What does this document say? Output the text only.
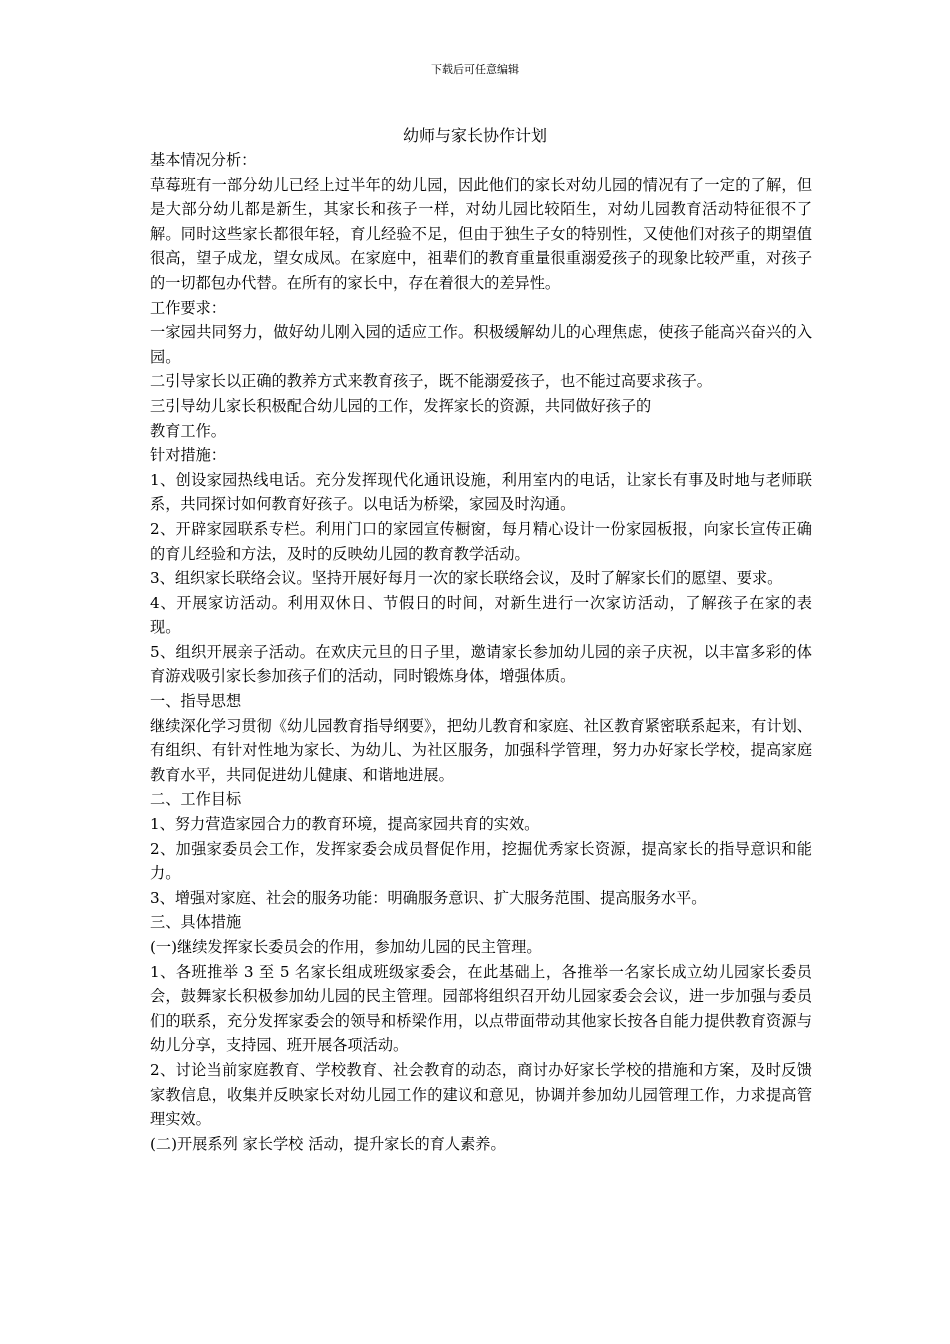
下载后可任意编辑
幼师与家长协作计划

基本情况分析：

草莓班有一部分幼儿已经上过半年的幼儿园，因此他们的家长对幼儿园的情况有了一定的了解，但是大部分幼儿都是新生，其家长和孩子一样，对幼儿园比较陌生，对幼儿园教育活动特征很不了解。同时这些家长都很年轻，育儿经验不足，但由于独生子女的特别性，又使他们对孩子的期望值很高，望子成龙，望女成凤。在家庭中，祖辈们的教育重量很重溺爱孩子的现象比较严重，对孩子的一切都包办代替。在所有的家长中，存在着很大的差异性。

工作要求：

一家园共同努力，做好幼儿刚入园的适应工作。积极缓解幼儿的心理焦虑，使孩子能高兴奋兴的入园。

二引导家长以正确的教养方式来教育孩子，既不能溺爱孩子，也不能过高要求孩子。

三引导幼儿家长积极配合幼儿园的工作，发挥家长的资源，共同做好孩子的

教育工作。

针对措施：

1、创设家园热线电话。充分发挥现代化通讯设施，利用室内的电话，让家长有事及时地与老师联系，共同探讨如何教育好孩子。以电话为桥梁，家园及时沟通。

2、开辟家园联系专栏。利用门口的家园宣传橱窗，每月精心设计一份家园板报，向家长宣传正确的育儿经验和方法，及时的反映幼儿园的教育教学活动。

3、组织家长联络会议。坚持开展好每月一次的家长联络会议，及时了解家长们的愿望、要求。

4、开展家访活动。利用双休日、节假日的时间，对新生进行一次家访活动，了解孩子在家的表现。

5、组织开展亲子活动。在欢庆元旦的日子里，邀请家长参加幼儿园的亲子庆祝，以丰富多彩的体育游戏吸引家长参加孩子们的活动，同时锻炼身体，增强体质。

一、指导思想

继续深化学习贯彻《幼儿园教育指导纲要》，把幼儿教育和家庭、社区教育紧密联系起来，有计划、有组织、有针对性地为家长、为幼儿、为社区服务，加强科学管理，努力办好家长学校，提高家庭教育水平，共同促进幼儿健康、和谐地进展。

二、工作目标

1、努力营造家园合力的教育环境，提高家园共育的实效。

2、加强家委员会工作，发挥家委会成员督促作用，挖掘优秀家长资源，提高家长的指导意识和能力。

3、增强对家庭、社会的服务功能：明确服务意识、扩大服务范围、提高服务水平。

三、具体措施

(一)继续发挥家长委员会的作用，参加幼儿园的民主管理。

1、各班推举 3 至 5 名家长组成班级家委会，在此基础上，各推举一名家长成立幼儿园家长委员会，鼓舞家长积极参加幼儿园的民主管理。园部将组织召开幼儿园家委会会议，进一步加强与委员们的联系，充分发挥家委会的领导和桥梁作用，以点带面带动其他家长按各自能力提供教育资源与幼儿分享，支持园、班开展各项活动。

2、讨论当前家庭教育、学校教育、社会教育的动态，商讨办好家长学校的措施和方案，及时反馈家教信息，收集并反映家长对幼儿园工作的建议和意见，协调并参加幼儿园管理工作，力求提高管理实效。

(二)开展系列 家长学校 活动，提升家长的育人素养。
